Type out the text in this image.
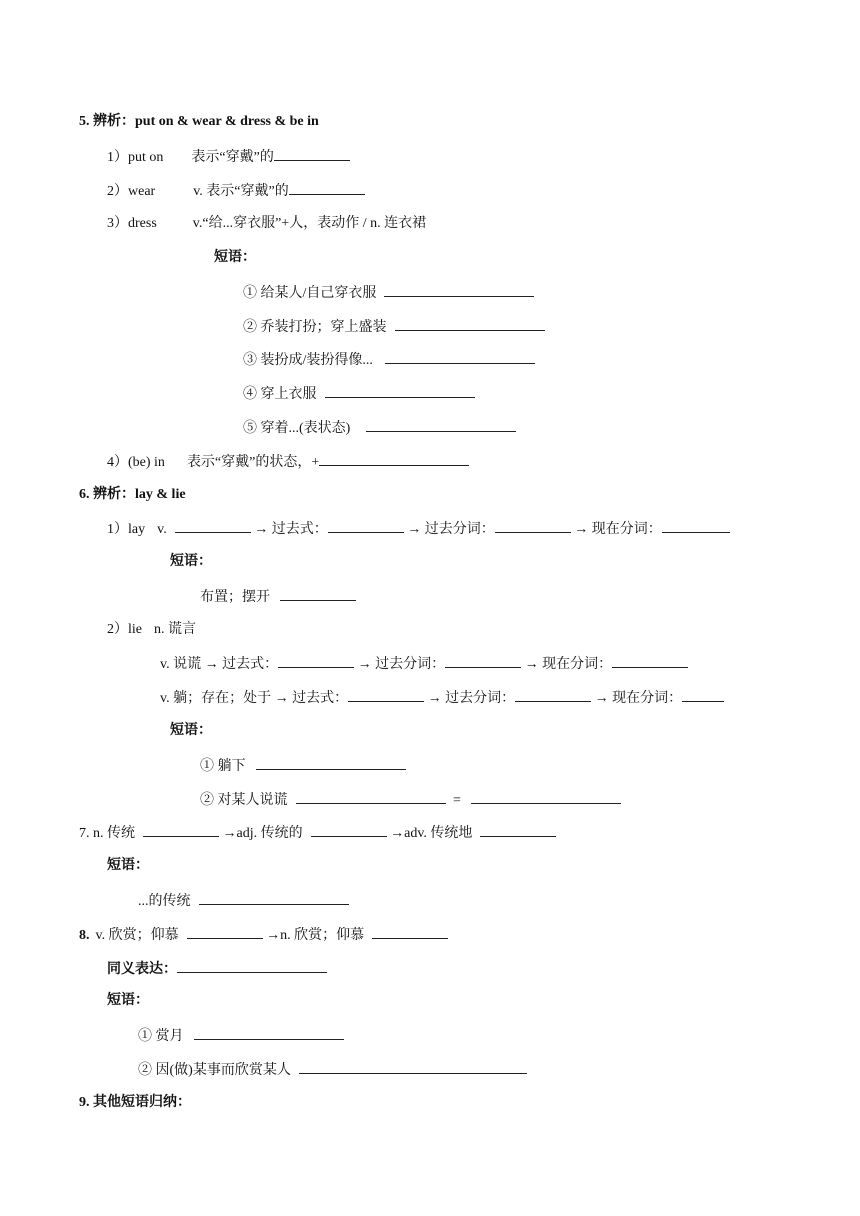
5. 辨析：put on & wear & dress & be in
1）put on 表示“穿戴”的
2）wear	v. 表示“穿戴”的
3）dress	v.“给...穿衣服”+人，表动作 / n. 连衣裙
短语：
① 给某人/自己穿衣服
② 乔装打扮；穿上盛装
③ 装扮成/装扮得像...
④ 穿上衣服
⑤ 穿着...(表状态)
4）(be) in 表示“穿戴”的状态，+
6. 辨析：lay & lie
1）lay v.	→ 过去式：	→ 过去分词：	→ 现在分词：
短语：
布置；摆开
2）lie n. 谎言
v. 说谎 → 过去式：	→ 过去分词：	→ 现在分词：
v. 躺；存在；处于 → 过去式：	→ 过去分词：	→ 现在分词：
短语：
① 躺下
② 对某人说谎	=
7. n. 传统	→adj. 传统的	→adv. 传统地
短语：
...的传统
8. v. 欣赏；仰慕	→n. 欣赏；仰慕
同义表达：
短语：
① 赏月
② 因(做)某事而欣赏某人
9. 其他短语归纳：
